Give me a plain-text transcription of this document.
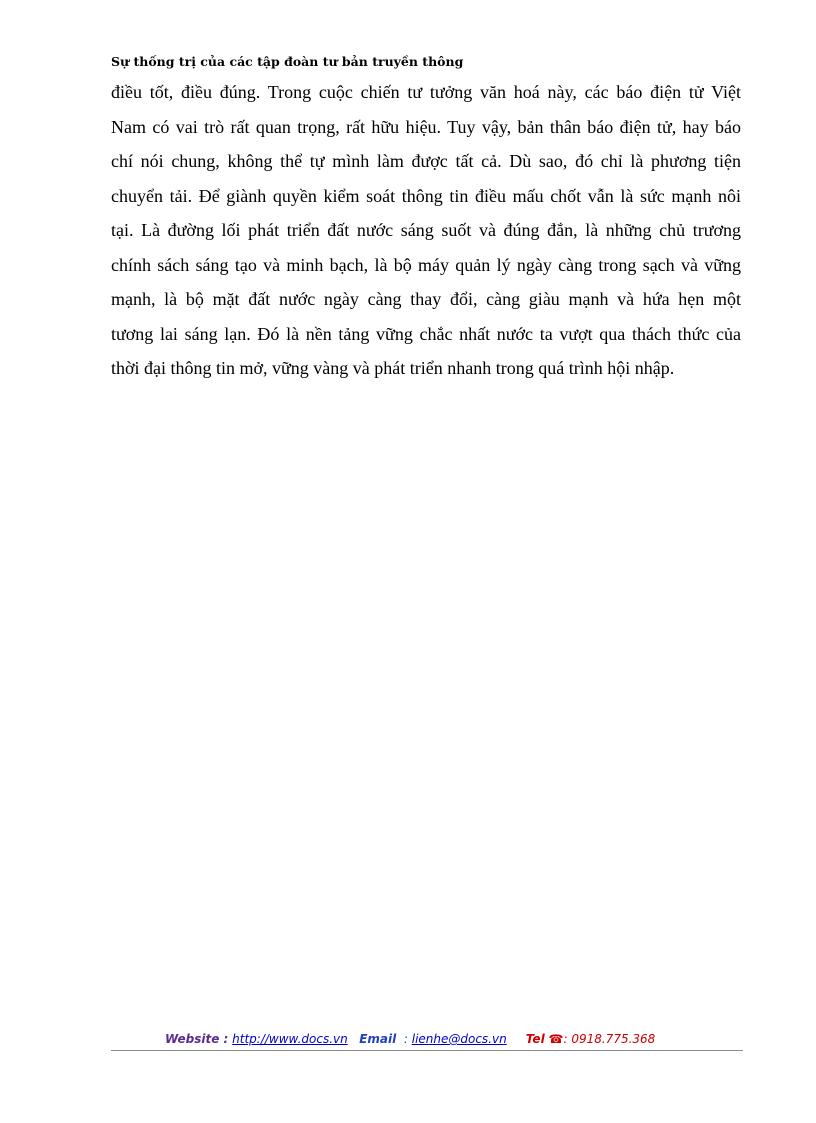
Sự thống trị của các tập đoàn tư bản truyền thông
điều tốt, điều đúng. Trong cuộc chiến tư tưởng văn hoá này, các báo điện tử Việt
Nam có vai trò rất quan trọng, rất hữu hiệu. Tuy vậy, bản thân báo điện tử, hay báo
chí nói chung, không thể tự mình làm được tất cả. Dù sao, đó chỉ là phương tiện
chuyển tải. Để giành quyền kiểm soát thông tin điều mấu chốt vẫn là sức mạnh nôi
tại. Là đường lối phát triển đất nước sáng suốt và đúng đắn, là những chủ trương
chính sách sáng tạo và minh bạch, là bộ máy quản lý ngày càng trong sạch và vững
mạnh, là bộ mặt đất nước ngày càng thay đổi, càng giàu mạnh và hứa hẹn một
tương lai sáng lạn. Đó là nền tảng vững chắc nhất nước ta vượt qua thách thức của
thời đại thông tin mở, vững vàng và phát triển nhanh trong quá trình hội nhập.
Website : http://www.docs.vn Email : lienhe@docs.vn Tel ☎: 0918.775.368
